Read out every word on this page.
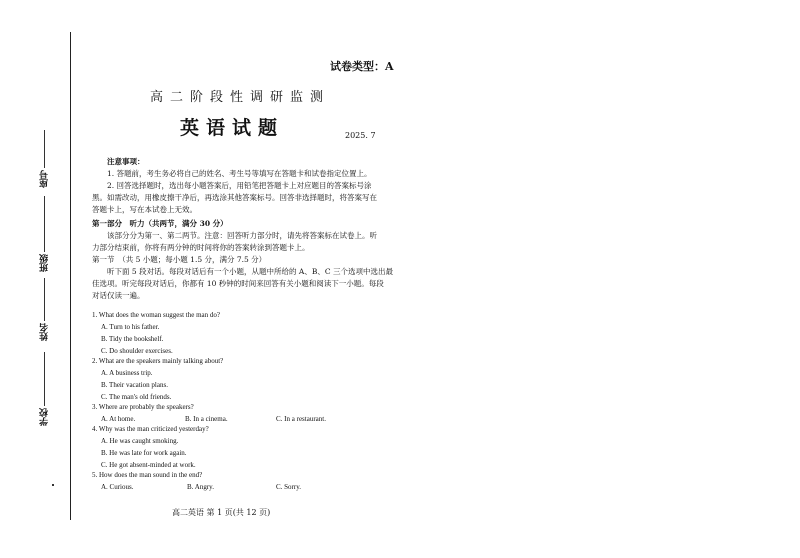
座号
班级
姓名
学校
试卷类型：A
高二阶段性调研监测
英语试题	2025. 7
注意事项：
1. 答题前，考生务必将自己的姓名、考生号等填写在答题卡和试卷指定位置上。
2. 回答选择题时，选出每小题答案后，用铅笔把答题卡上对应题目的答案标号涂
黑。如需改动，用橡皮擦干净后，再选涂其他答案标号。回答非选择题时，将答案写在
答题卡上，写在本试卷上无效。
第一部分　听力（共两节，满分 30 分）
该部分分为第一、第二两节。注意：回答听力部分时，请先将答案标在试卷上。听
力部分结束前，你将有两分钟的时间将你的答案转涂到答题卡上。
第一节　（共 5 小题；每小题 1.5 分，满分 7.5 分）
听下面 5 段对话。每段对话后有一个小题，从题中所给的 A、B、C 三个选项中选出最
佳选项。听完每段对话后，你都有 10 秒钟的时间来回答有关小题和阅读下一小题。每段
对话仅读一遍。
1. What does the woman suggest the man do?
A. Turn to his father.
B. Tidy the bookshelf.
C. Do shoulder exercises.
2. What are the speakers mainly talking about?
A. A business trip.
B. Their vacation plans.
C. The man's old friends.
3. Where are probably the speakers?
A. At home.	B. In a cinema.	C. In a restaurant.
4. Why was the man criticized yesterday?
A. He was caught smoking.
B. He was late for work again.
C. He got absent-minded at work.
5. How does the man sound in the end?
A. Curious.	B. Angry.	C. Sorry.
高二英语 第 1 页(共 12 页)
